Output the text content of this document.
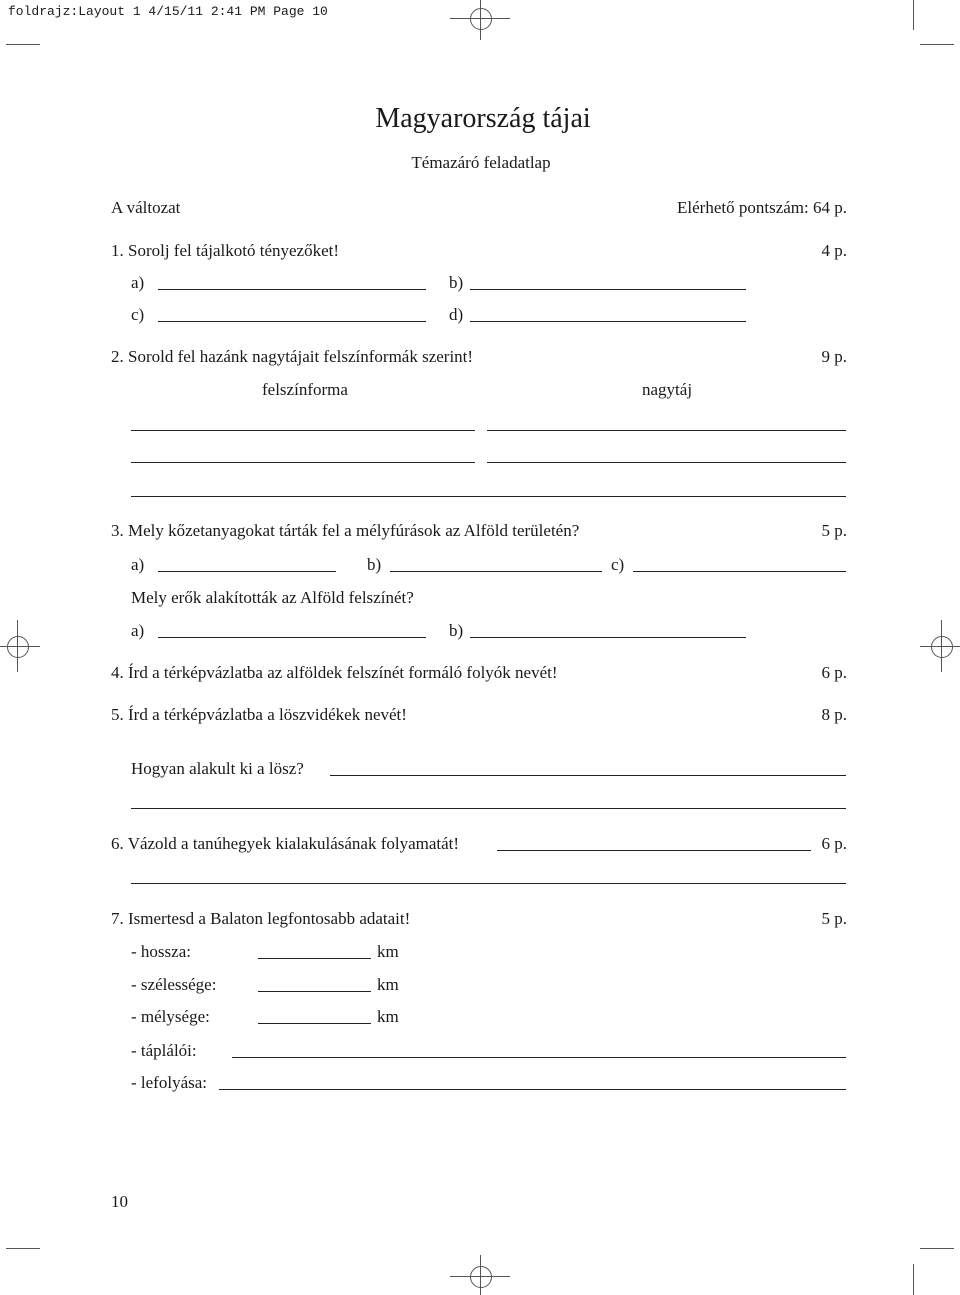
foldrajz:Layout 1 4/15/11 2:41 PM Page 10
Magyarország tájai
Témazáró feladatlap
A változat	Elérhető pontszám: 64 p.
1. Sorolj fel tájalkotó tényezőket!	4 p.
a)	b)
c)	d)
2. Sorold fel hazánk nagytájait felszínformák szerint!	9 p.
felszínforma	nagytáj
3. Mely kőzetanyagokat tárták fel a mélyfúrások az Alföld területén?	5 p.
a)	b)	c)
Mely erők alakították az Alföld felszínét?
a)	b)
4. Írd a térképvázlatba az alföldek felszínét formáló folyók nevét!	6 p.
5. Írd a térképvázlatba a löszvidékek nevét!	8 p.
Hogyan alakult ki a lösz?
6. Vázold a tanúhegyek kialakulásának folyamatát!	6 p.
7. Ismertesd a Balaton legfontosabb adatait!	5 p.
- hossza:	km
- szélessége:	km
- mélysége:	km
- táplálói:
- lefolyása:
10
